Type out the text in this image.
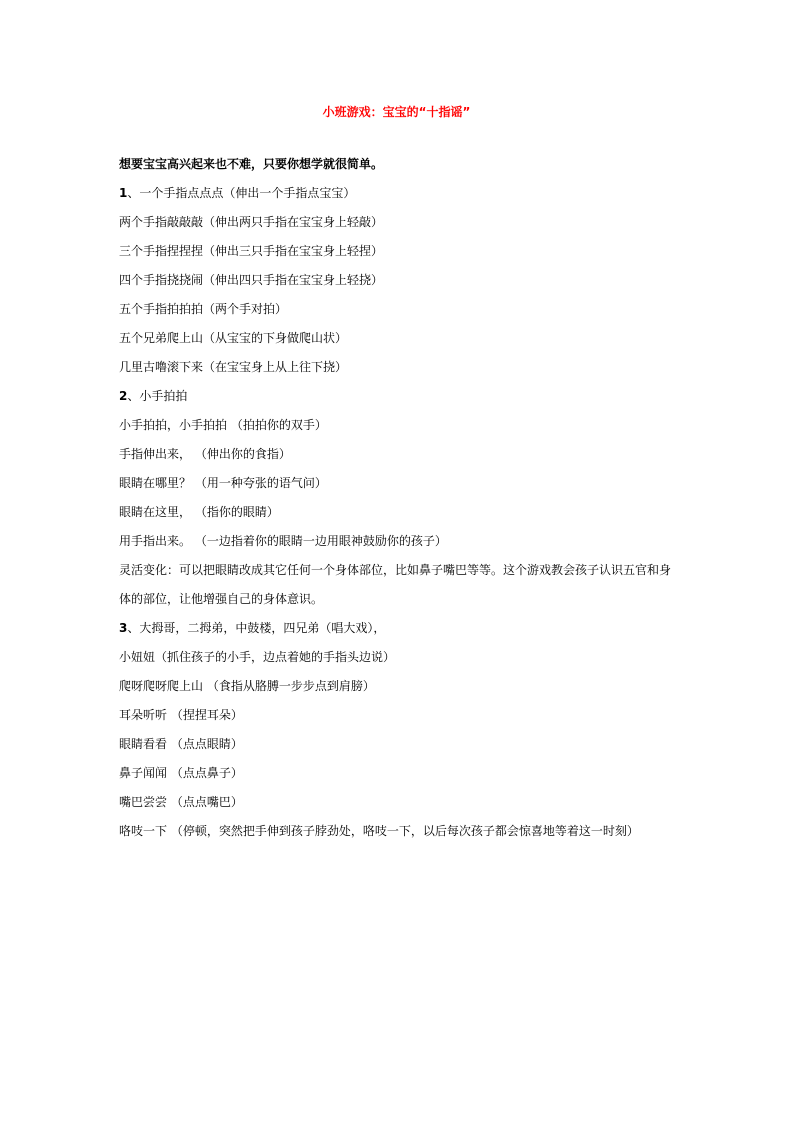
小班游戏：宝宝的“十指谣”
想要宝宝高兴起来也不难，只要你想学就很简单。
1、一个手指点点点（伸出一个手指点宝宝）
两个手指敲敲敲（伸出两只手指在宝宝身上轻敲）
三个手指捏捏捏（伸出三只手指在宝宝身上轻捏）
四个手指挠挠闹（伸出四只手指在宝宝身上轻挠）
五个手指拍拍拍（两个手对拍）
五个兄弟爬上山（从宝宝的下身做爬山状）
几里古噜滚下来（在宝宝身上从上往下挠）
2、小手拍拍
小手拍拍，小手拍拍 （拍拍你的双手）
手指伸出来， （伸出你的食指）
眼睛在哪里？ （用一种夸张的语气问）
眼睛在这里， （指你的眼睛）
用手指出来。 （一边指着你的眼睛一边用眼神鼓励你的孩子）
灵活变化：可以把眼睛改成其它任何一个身体部位，比如鼻子嘴巴等等。这个游戏教会孩子认识五官和身体的部位，让他增强自己的身体意识。
3、大拇哥，二拇弟，中鼓楼，四兄弟（唱大戏），
小妞妞（抓住孩子的小手，边点着她的手指头边说）
爬呀爬呀爬上山 （食指从胳膊一步步点到肩膀）
耳朵听听 （捏捏耳朵）
眼睛看看 （点点眼睛）
鼻子闻闻 （点点鼻子）
嘴巴尝尝 （点点嘴巴）
咯吱一下 （停顿，突然把手伸到孩子脖劲处，咯吱一下，以后每次孩子都会惊喜地等着这一时刻）
